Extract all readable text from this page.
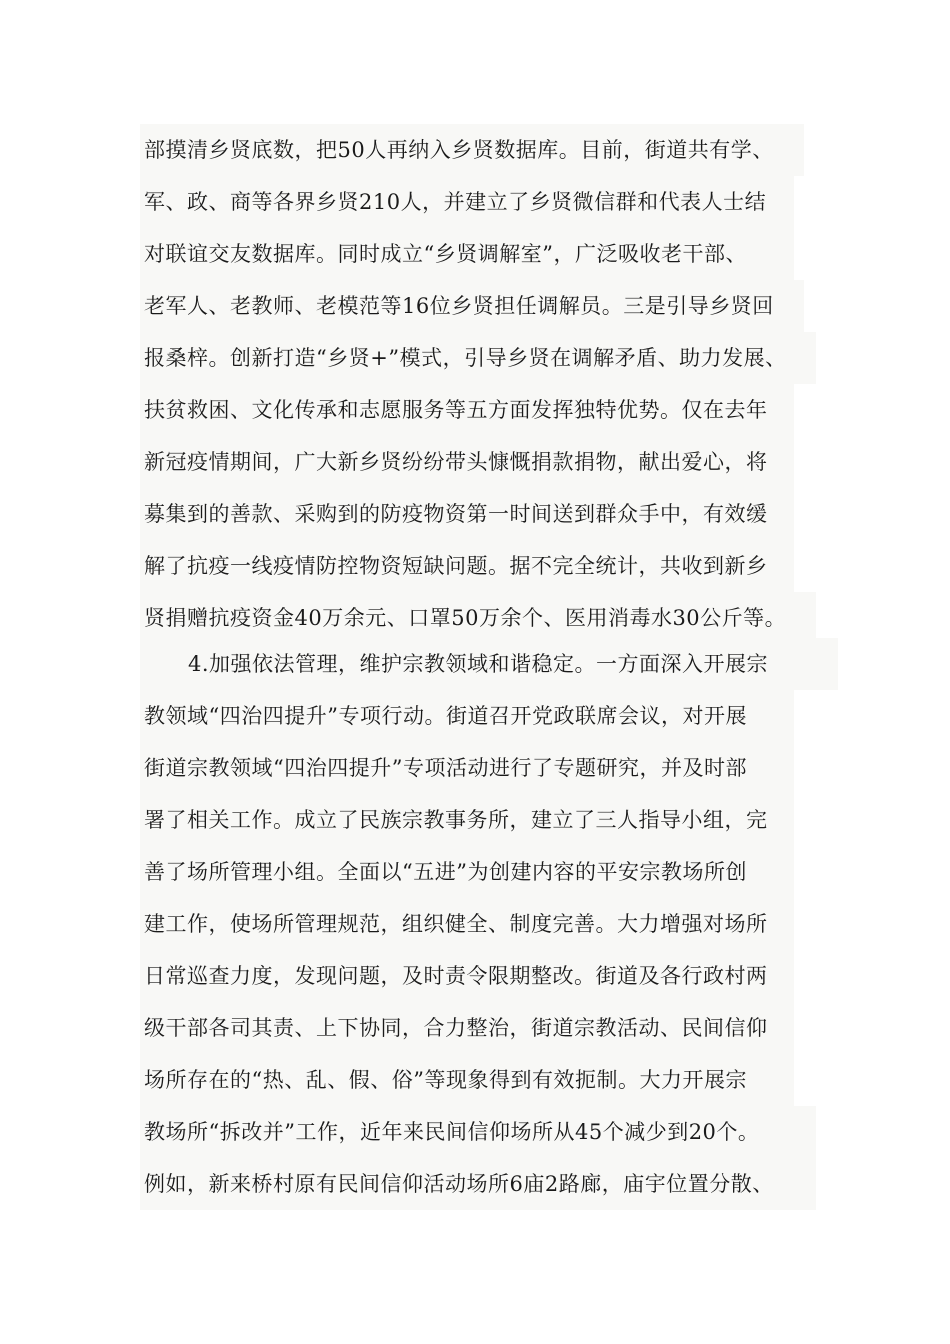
部摸清乡贤底数，把50人再纳入乡贤数据库。目前，街道共有学、
军、政、商等各界乡贤210人，并建立了乡贤微信群和代表人士结
对联谊交友数据库。同时成立“乡贤调解室”，广泛吸收老干部、
老军人、老教师、老模范等16位乡贤担任调解员。三是引导乡贤回
报桑梓。创新打造“乡贤+”模式，引导乡贤在调解矛盾、助力发展、
扶贫救困、文化传承和志愿服务等五方面发挥独特优势。仅在去年
新冠疫情期间，广大新乡贤纷纷带头慷慨捐款捐物，献出爱心，将
募集到的善款、采购到的防疫物资第一时间送到群众手中，有效缓
解了抗疫一线疫情防控物资短缺问题。据不完全统计，共收到新乡
贤捐赠抗疫资金40万余元、口罩50万余个、医用消毒水30公斤等。
4.加强依法管理，维护宗教领域和谐稳定。一方面深入开展宗
教领域“四治四提升”专项行动。街道召开党政联席会议，对开展
街道宗教领域“四治四提升”专项活动进行了专题研究，并及时部
署了相关工作。成立了民族宗教事务所，建立了三人指导小组，完
善了场所管理小组。全面以“五进”为创建内容的平安宗教场所创
建工作，使场所管理规范，组织健全、制度完善。大力增强对场所
日常巡查力度，发现问题，及时责令限期整改。街道及各行政村两
级干部各司其责、上下协同，合力整治，街道宗教活动、民间信仰
场所存在的“热、乱、假、俗”等现象得到有效扼制。大力开展宗
教场所“拆改并”工作，近年来民间信仰场所从45个减少到20个。
例如，新来桥村原有民间信仰活动场所6庙2路廊，庙宇位置分散、
